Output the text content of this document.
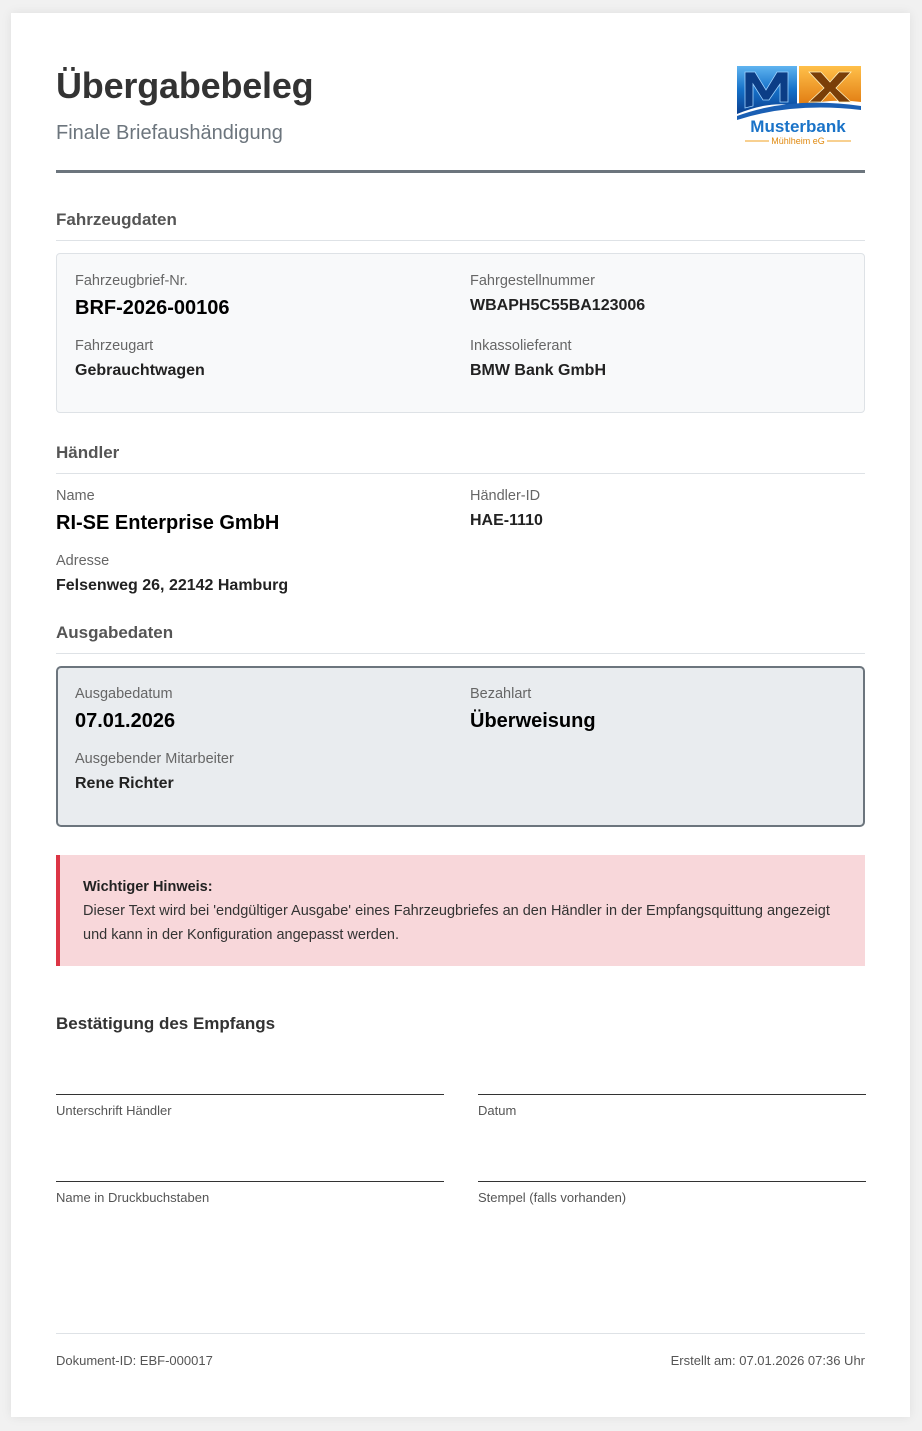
Übergabebeleg
Finale Briefaushändigung	Musterbank
Mühlheim eG
Fahrzeugdaten
Fahrzeugbrief-Nr.
BRF-2026-00106
Fahrgestellnummer
WBAPH5C55BA123006
Fahrzeugart
Gebrauchtwagen
Inkassolieferant
BMW Bank GmbH
Händler
Name
RI-SE Enterprise GmbH
Händler-ID
HAE-1110
Adresse
Felsenweg 26, 22142 Hamburg
Ausgabedaten
Ausgabedatum
07.01.2026
Bezahlart
Überweisung
Ausgebender Mitarbeiter
Rene Richter
Wichtiger Hinweis:
Dieser Text wird bei 'endgültiger Ausgabe' eines Fahrzeugbriefes an den Händler in der Empfangsquittung angezeigt und kann in der Konfiguration angepasst werden.
Bestätigung des Empfangs
Unterschrift Händler	Datum
Name in Druckbuchstaben	Stempel (falls vorhanden)
Dokument-ID: EBF-000017	Erstellt am: 07.01.2026 07:36 Uhr
